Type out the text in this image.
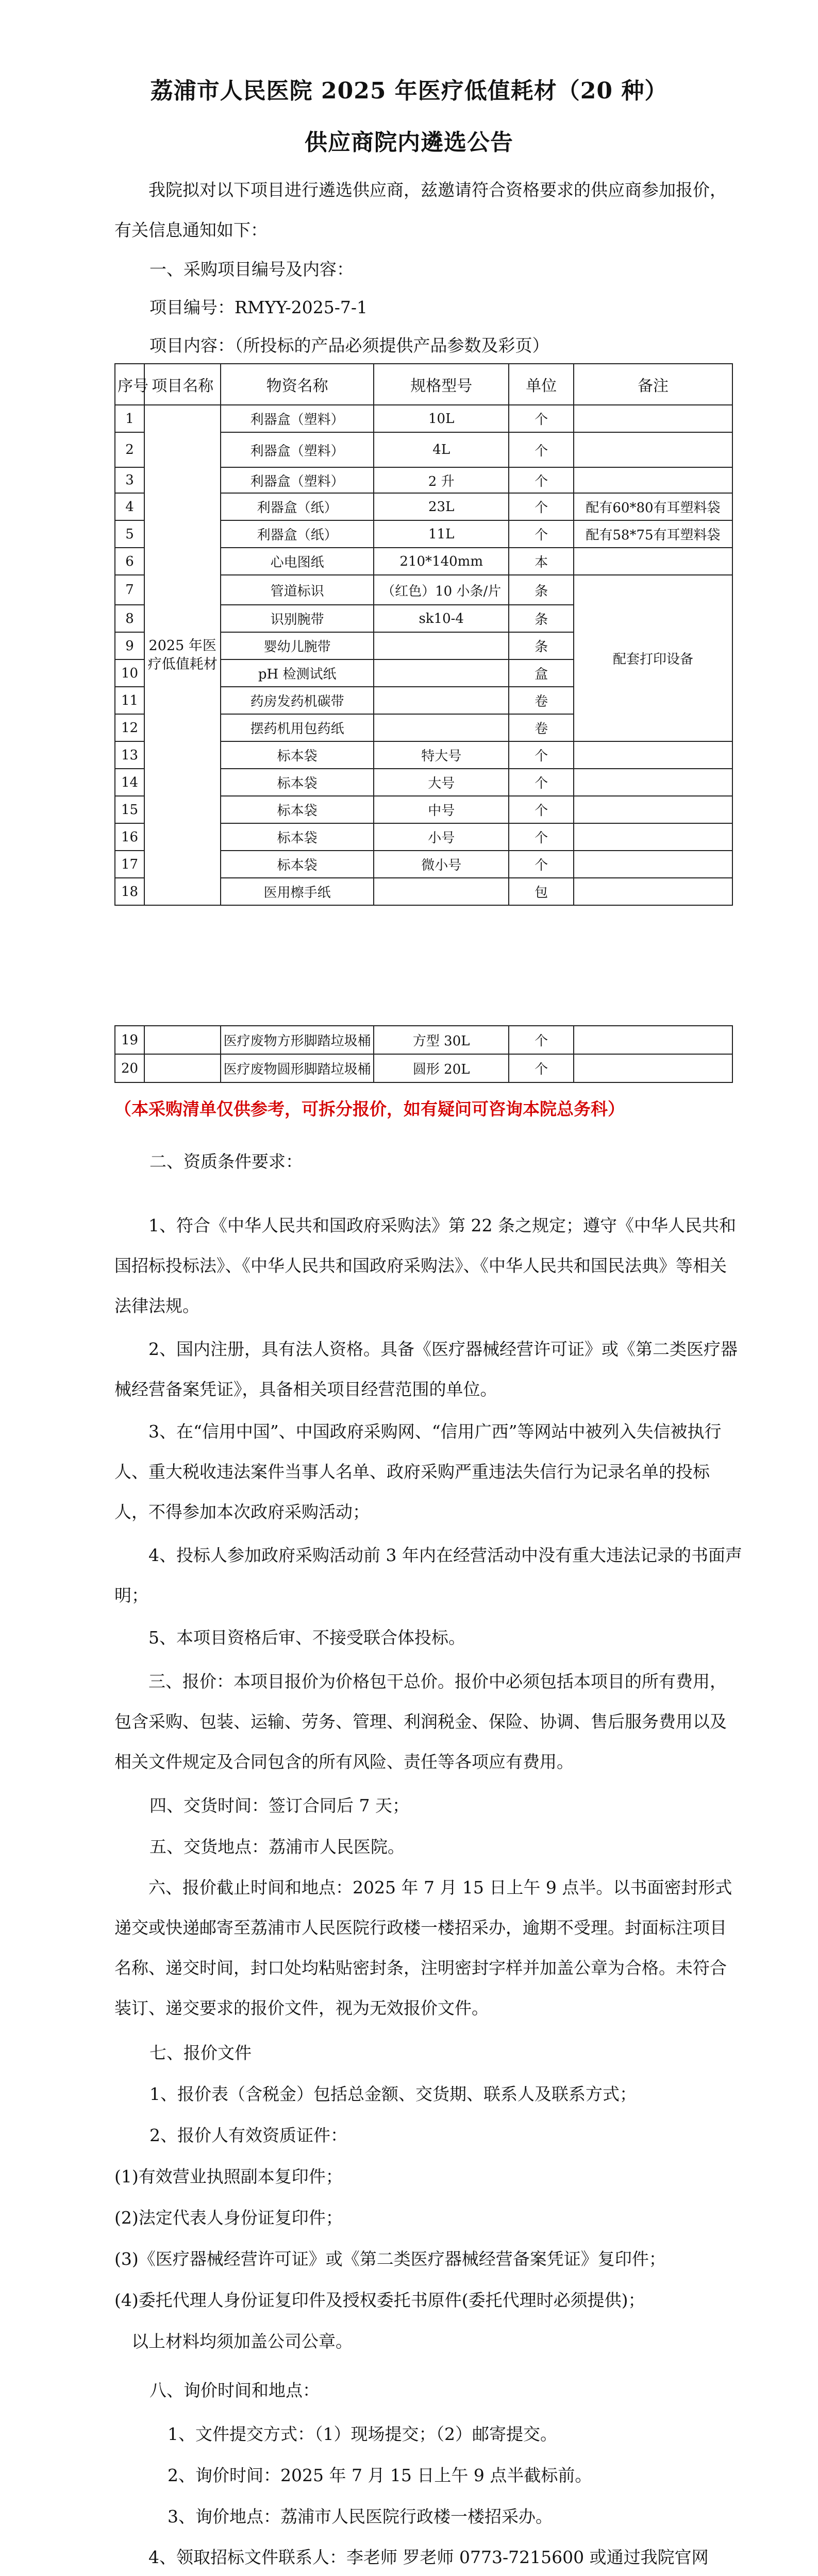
荔浦市人民医院 2025 年医疗低值耗材（20 种）
供应商院内遴选公告
我院拟对以下项目进行遴选供应商，兹邀请符合资格要求的供应商参加报价，有关信息通知如下：
一、采购项目编号及内容：
项目编号：RMYY-2025-7-1
项目内容：（所投标的产品必须提供产品参数及彩页）
序号	项目名称	物资名称	规格型号	单位	备注
1	2025 年医疗低值耗材	利器盒（塑料）	10L	个	
2		利器盒（塑料）	4L	个	
3		利器盒（塑料）	2 升	个	
4		利器盒（纸）	23L	个	配有60*80有耳塑料袋
5		利器盒（纸）	11L	个	配有58*75有耳塑料袋
6		心电图纸	210*140mm	本	
7		管道标识	（红色）10 小条/片	条	配套打印设备
8		识别腕带	sk10-4	条	
9		婴幼儿腕带		条	
10		pH 检测试纸		盒	
11		药房发药机碳带		卷	
12		摆药机用包药纸		卷	
13		标本袋	特大号	个	
14		标本袋	大号	个	
15		标本袋	中号	个	
16		标本袋	小号	个	
17		标本袋	微小号	个	
18		医用檫手纸		包	
19		医疗废物方形脚踏垃圾桶	方型 30L	个	
20		医疗废物圆形脚踏垃圾桶	圆形 20L	个	
（本采购清单仅供参考，可拆分报价，如有疑问可咨询本院总务科）
二、资质条件要求：
1、符合《中华人民共和国政府采购法》第 22 条之规定；遵守《中华人民共和国招标投标法》、《中华人民共和国政府采购法》、《中华人民共和国民法典》等相关法律法规。
2、国内注册，具有法人资格。具备《医疗器械经营许可证》或《第二类医疗器械经营备案凭证》，具备相关项目经营范围的单位。
3、在“信用中国”、中国政府采购网、“信用广西”等网站中被列入失信被执行人、重大税收违法案件当事人名单、政府采购严重违法失信行为记录名单的投标人，不得参加本次政府采购活动；
4、投标人参加政府采购活动前 3 年内在经营活动中没有重大违法记录的书面声明；
5、本项目资格后审、不接受联合体投标。
三、报价：本项目报价为价格包干总价。报价中必须包括本项目的所有费用，包含采购、包装、运输、劳务、管理、利润税金、保险、协调、售后服务费用以及相关文件规定及合同包含的所有风险、责任等各项应有费用。
四、交货时间：签订合同后 7 天；
五、交货地点：荔浦市人民医院。
六、报价截止时间和地点：2025 年 7 月 15 日上午 9 点半。以书面密封形式递交或快递邮寄至荔浦市人民医院行政楼一楼招采办，逾期不受理。封面标注项目名称、递交时间，封口处均粘贴密封条，注明密封字样并加盖公章为合格。未符合装订、递交要求的报价文件，视为无效报价文件。
七、报价文件
1、报价表（含税金）包括总金额、交货期、联系人及联系方式；
2、报价人有效资质证件：
(1)有效营业执照副本复印件；
(2)法定代表人身份证复印件；
(3)《医疗器械经营许可证》或《第二类医疗器械经营备案凭证》复印件；
(4)委托代理人身份证复印件及授权委托书原件(委托代理时必须提供)；
以上材料均须加盖公司公章。
八、询价时间和地点：
1、文件提交方式：（1）现场提交；（2）邮寄提交。
2、询价时间：2025 年 7 月 15 日上午 9 点半截标前。
3、询价地点：荔浦市人民医院行政楼一楼招采办。
4、领取招标文件联系人：李老师 罗老师 0773-7215600 或通过我院官网
